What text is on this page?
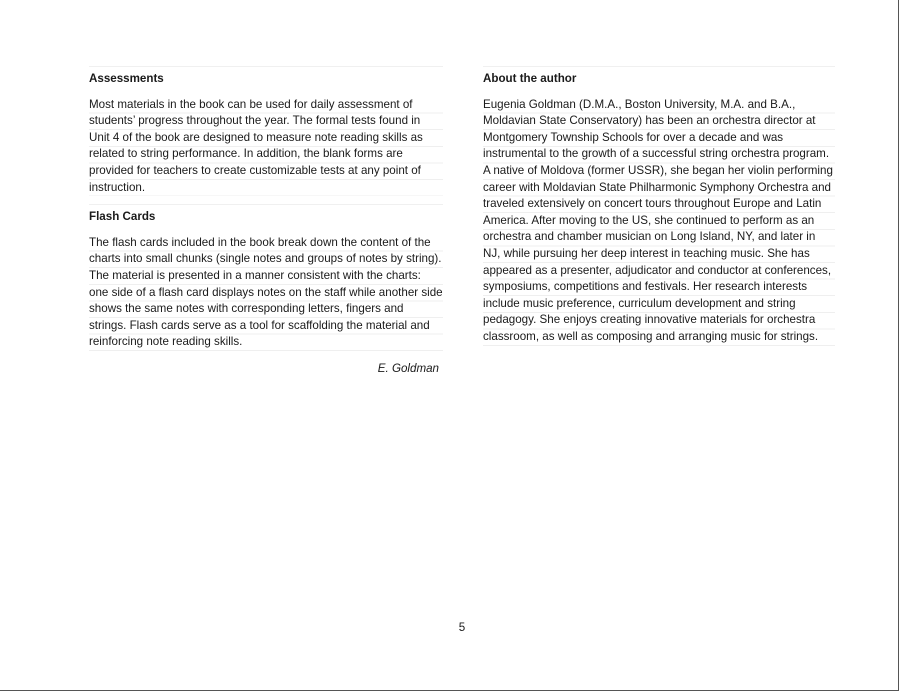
Assessments

Most materials in the book can be used for daily assessment of students’ progress throughout the year. The formal tests found in Unit 4 of the book are designed to measure note reading skills as related to string performance. In addition, the blank forms are provided for teachers to create customizable tests at any point of instruction.

Flash Cards

The flash cards included in the book break down the content of the charts into small chunks (single notes and groups of notes by string). The material is presented in a manner consistent with the charts: one side of a flash card displays notes on the staff while another side shows the same notes with corresponding letters, fingers and strings. Flash cards serve as a tool for scaffolding the material and reinforcing note reading skills.

E. Goldman
About the author

Eugenia Goldman (D.M.A., Boston University, M.A. and B.A., Moldavian State Conservatory) has been an orchestra director at Montgomery Township Schools for over a decade and was instrumental to the growth of a successful string orchestra program. A native of Moldova (former USSR), she began her violin performing career with Moldavian State Philharmonic Symphony Orchestra and traveled extensively on concert tours throughout Europe and Latin America. After moving to the US, she continued to perform as an orchestra and chamber musician on Long Island, NY, and later in NJ, while pursuing her deep interest in teaching music. She has appeared as a presenter, adjudicator and conductor at conferences, symposiums, competitions and festivals. Her research interests include music preference, curriculum development and string pedagogy. She enjoys creating innovative materials for orchestra classroom, as well as composing and arranging music for strings.

5
